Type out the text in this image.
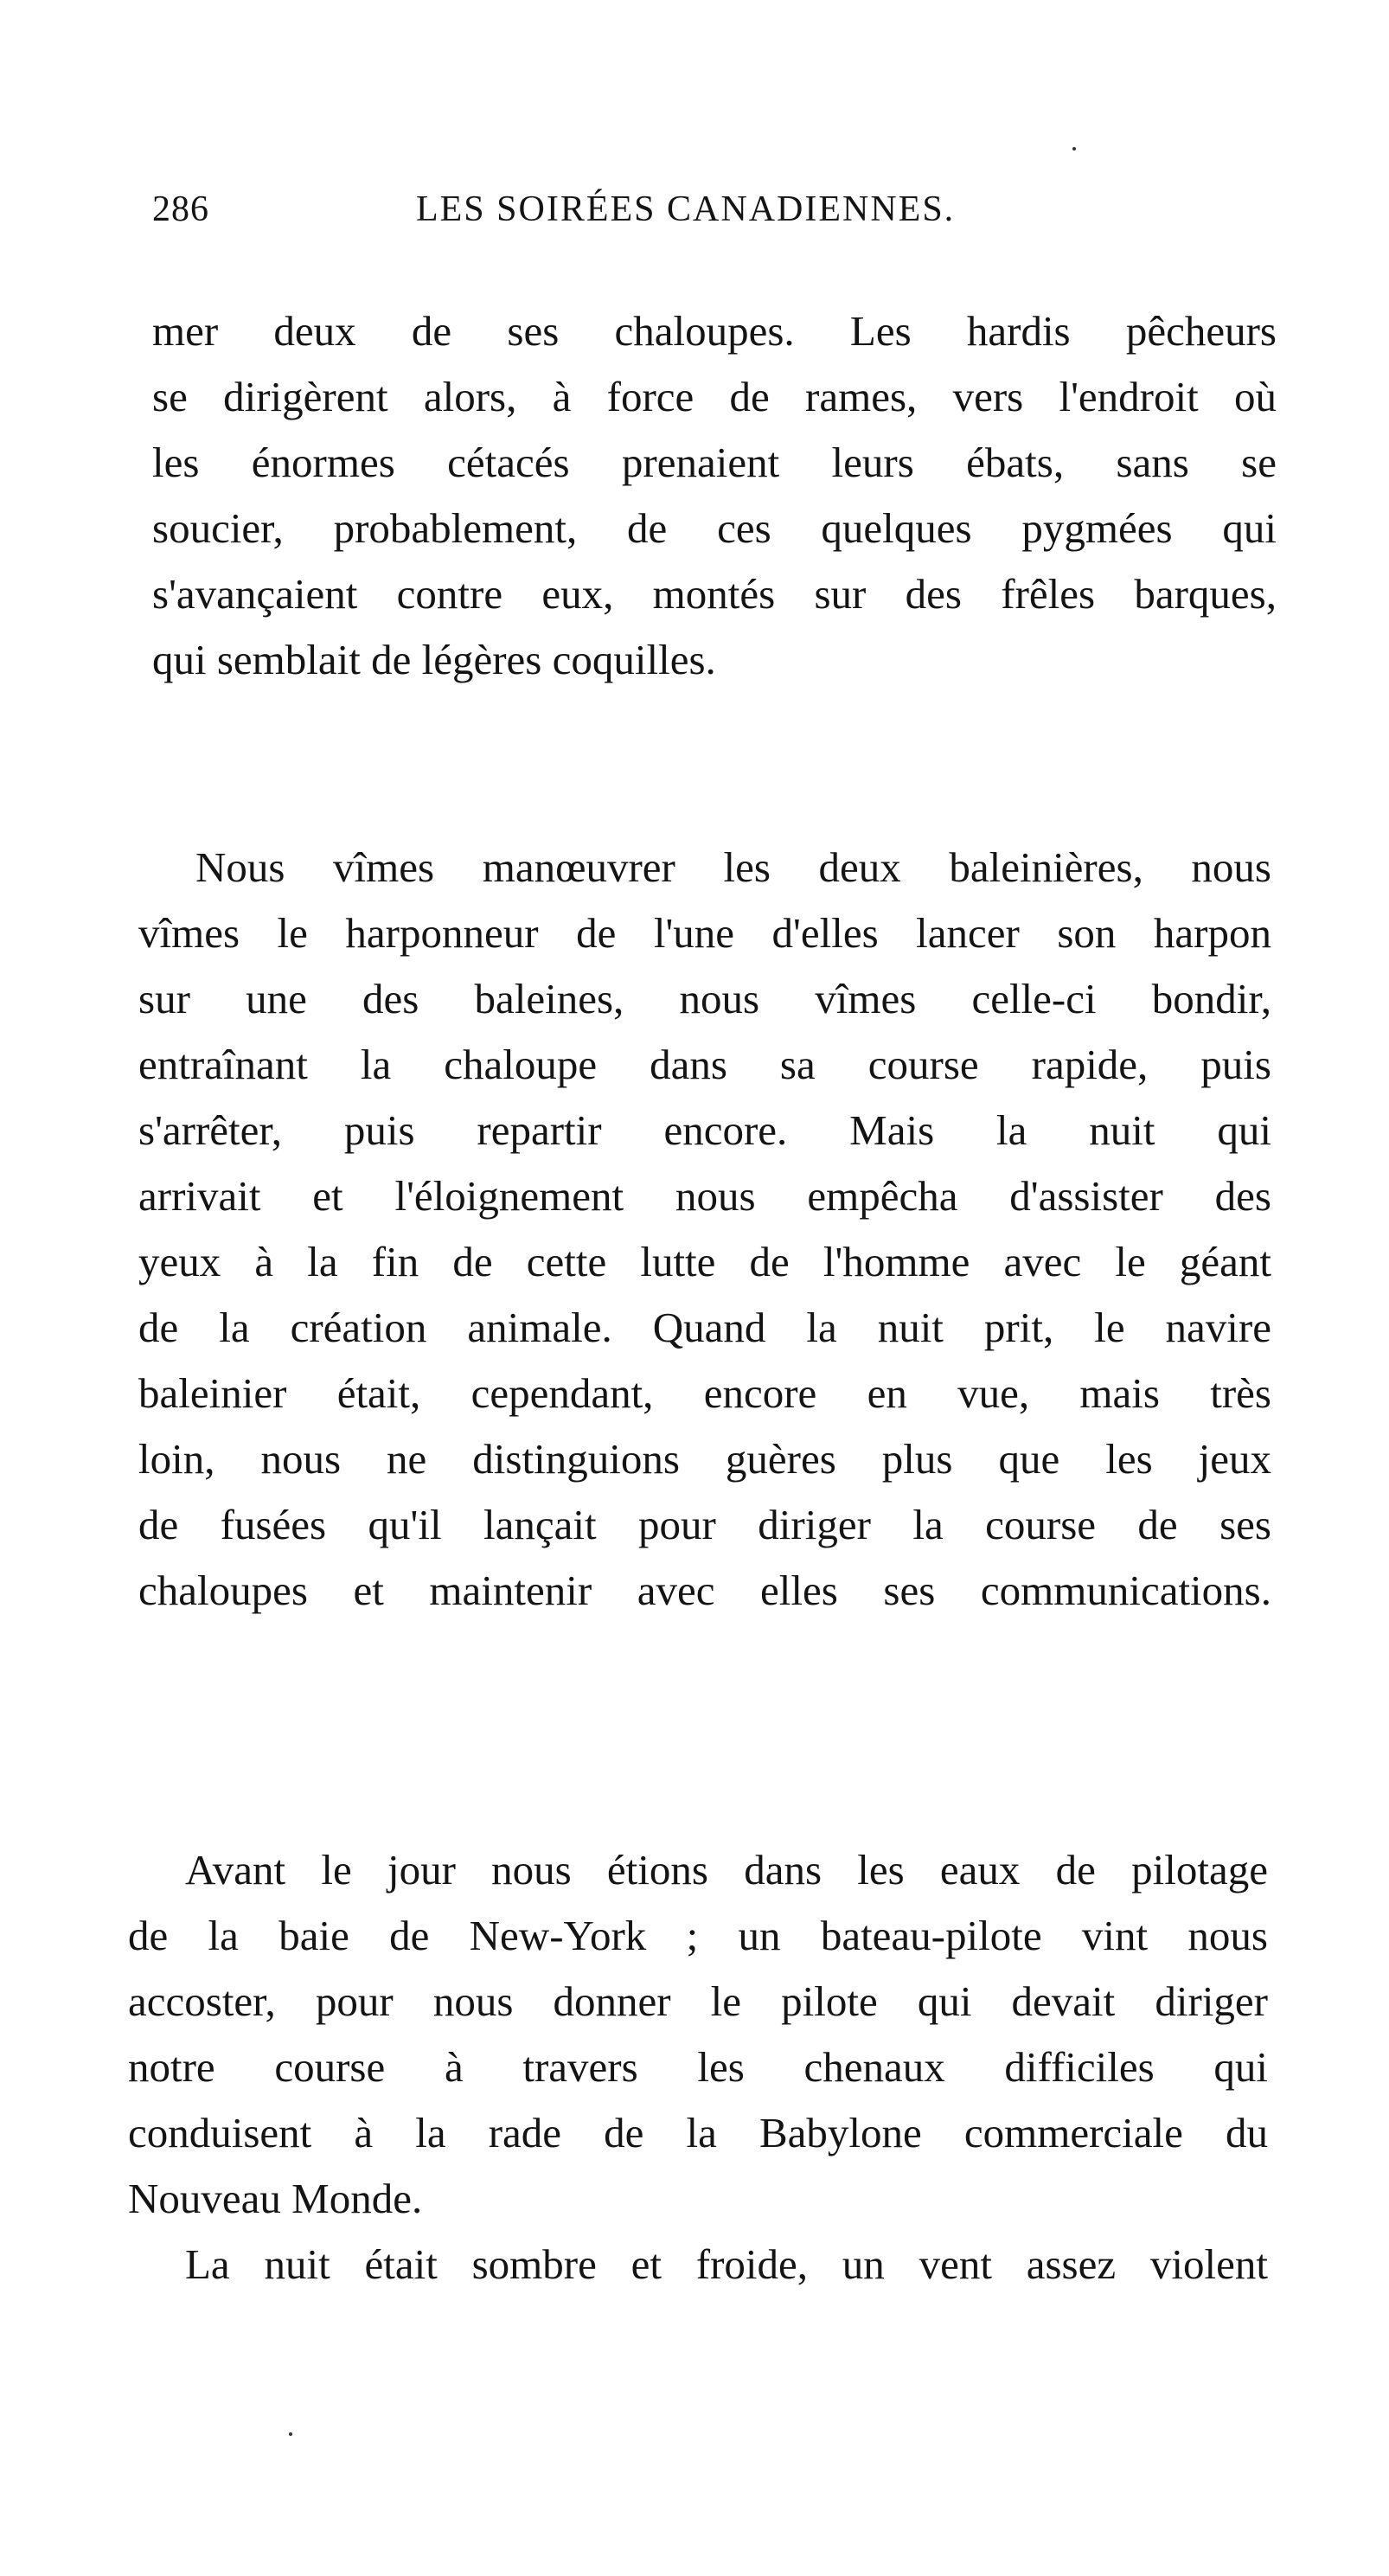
286	LES SOIRÉES CANADIENNES.
mer deux de ses chaloupes. Les hardis pêcheurs
se dirigèrent alors, à force de rames, vers l'endroit où
les énormes cétacés prenaient leurs ébats, sans se
soucier, probablement, de ces quelques pygmées qui
s'avançaient contre eux, montés sur des frêles barques,
qui semblait de légères coquilles.
Nous vîmes manœuvrer les deux baleinières, nous
vîmes le harponneur de l'une d'elles lancer son harpon
sur une des baleines, nous vîmes celle-ci bondir,
entraînant la chaloupe dans sa course rapide, puis
s'arrêter, puis repartir encore. Mais la nuit qui
arrivait et l'éloignement nous empêcha d'assister des
yeux à la fin de cette lutte de l'homme avec le géant
de la création animale. Quand la nuit prit, le navire
baleinier était, cependant, encore en vue, mais très
loin, nous ne distinguions guères plus que les jeux
de fusées qu'il lançait pour diriger la course de ses
chaloupes et maintenir avec elles ses communications.
Avant le jour nous étions dans les eaux de pilotage
de la baie de New-York ; un bateau-pilote vint nous
accoster, pour nous donner le pilote qui devait diriger
notre course à travers les chenaux difficiles qui
conduisent à la rade de la Babylone commerciale du
Nouveau Monde.
La nuit était sombre et froide, un vent assez violent
